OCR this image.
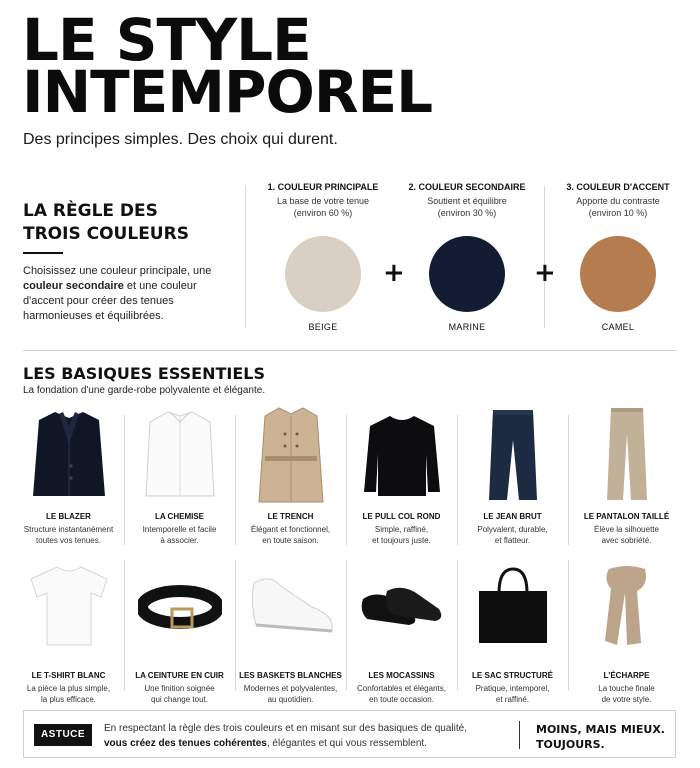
LE STYLE
INTEMPOREL
Des principes simples. Des choix qui durent.
LA RÈGLE DES
TROIS COULEURS
Choisissez une couleur principale, une couleur secondaire et une couleur d'accent pour créer des tenues harmonieuses et équilibrées.
1. COULEUR PRINCIPALE
La base de votre tenue
(environ 60 %)
BEIGE
+
2. COULEUR SECONDAIRE
Soutient et équilibre
(environ 30 %)
MARINE
+
3. COULEUR D'ACCENT
Apporte du contraste
(environ 10 %)
CAMEL
LES BASIQUES ESSENTIELS
La fondation d'une garde-robe polyvalente et élégante.
LE BLAZER
Structure instantanément
toutes vos tenues.
LA CHEMISE
Intemporelle et facile
à associer.
LE TRENCH
Élégant et fonctionnel,
en toute saison.
LE PULL COL ROND
Simple, raffiné,
et toujours juste.
LE JEAN BRUT
Polyvalent, durable,
et flatteur.
LE PANTALON TAILLÉ
Élève la silhouette
avec sobriété.
LE T-SHIRT BLANC
La pièce la plus simple,
la plus efficace.
LA CEINTURE EN CUIR
Une finition soignée
qui change tout.
LES BASKETS BLANCHES
Modernes et polyvalentes,
au quotidien.
LES MOCASSINS
Confortables et élégants,
en toute occasion.
LE SAC STRUCTURÉ
Pratique, intemporel,
et raffiné.
L'ÉCHARPE
La touche finale
de votre style.
ASTUCE
En respectant la règle des trois couleurs et en misant sur des basiques de qualité,
vous créez des tenues cohérentes, élégantes et qui vous ressemblent.
MOINS, MAIS MIEUX.
TOUJOURS.
